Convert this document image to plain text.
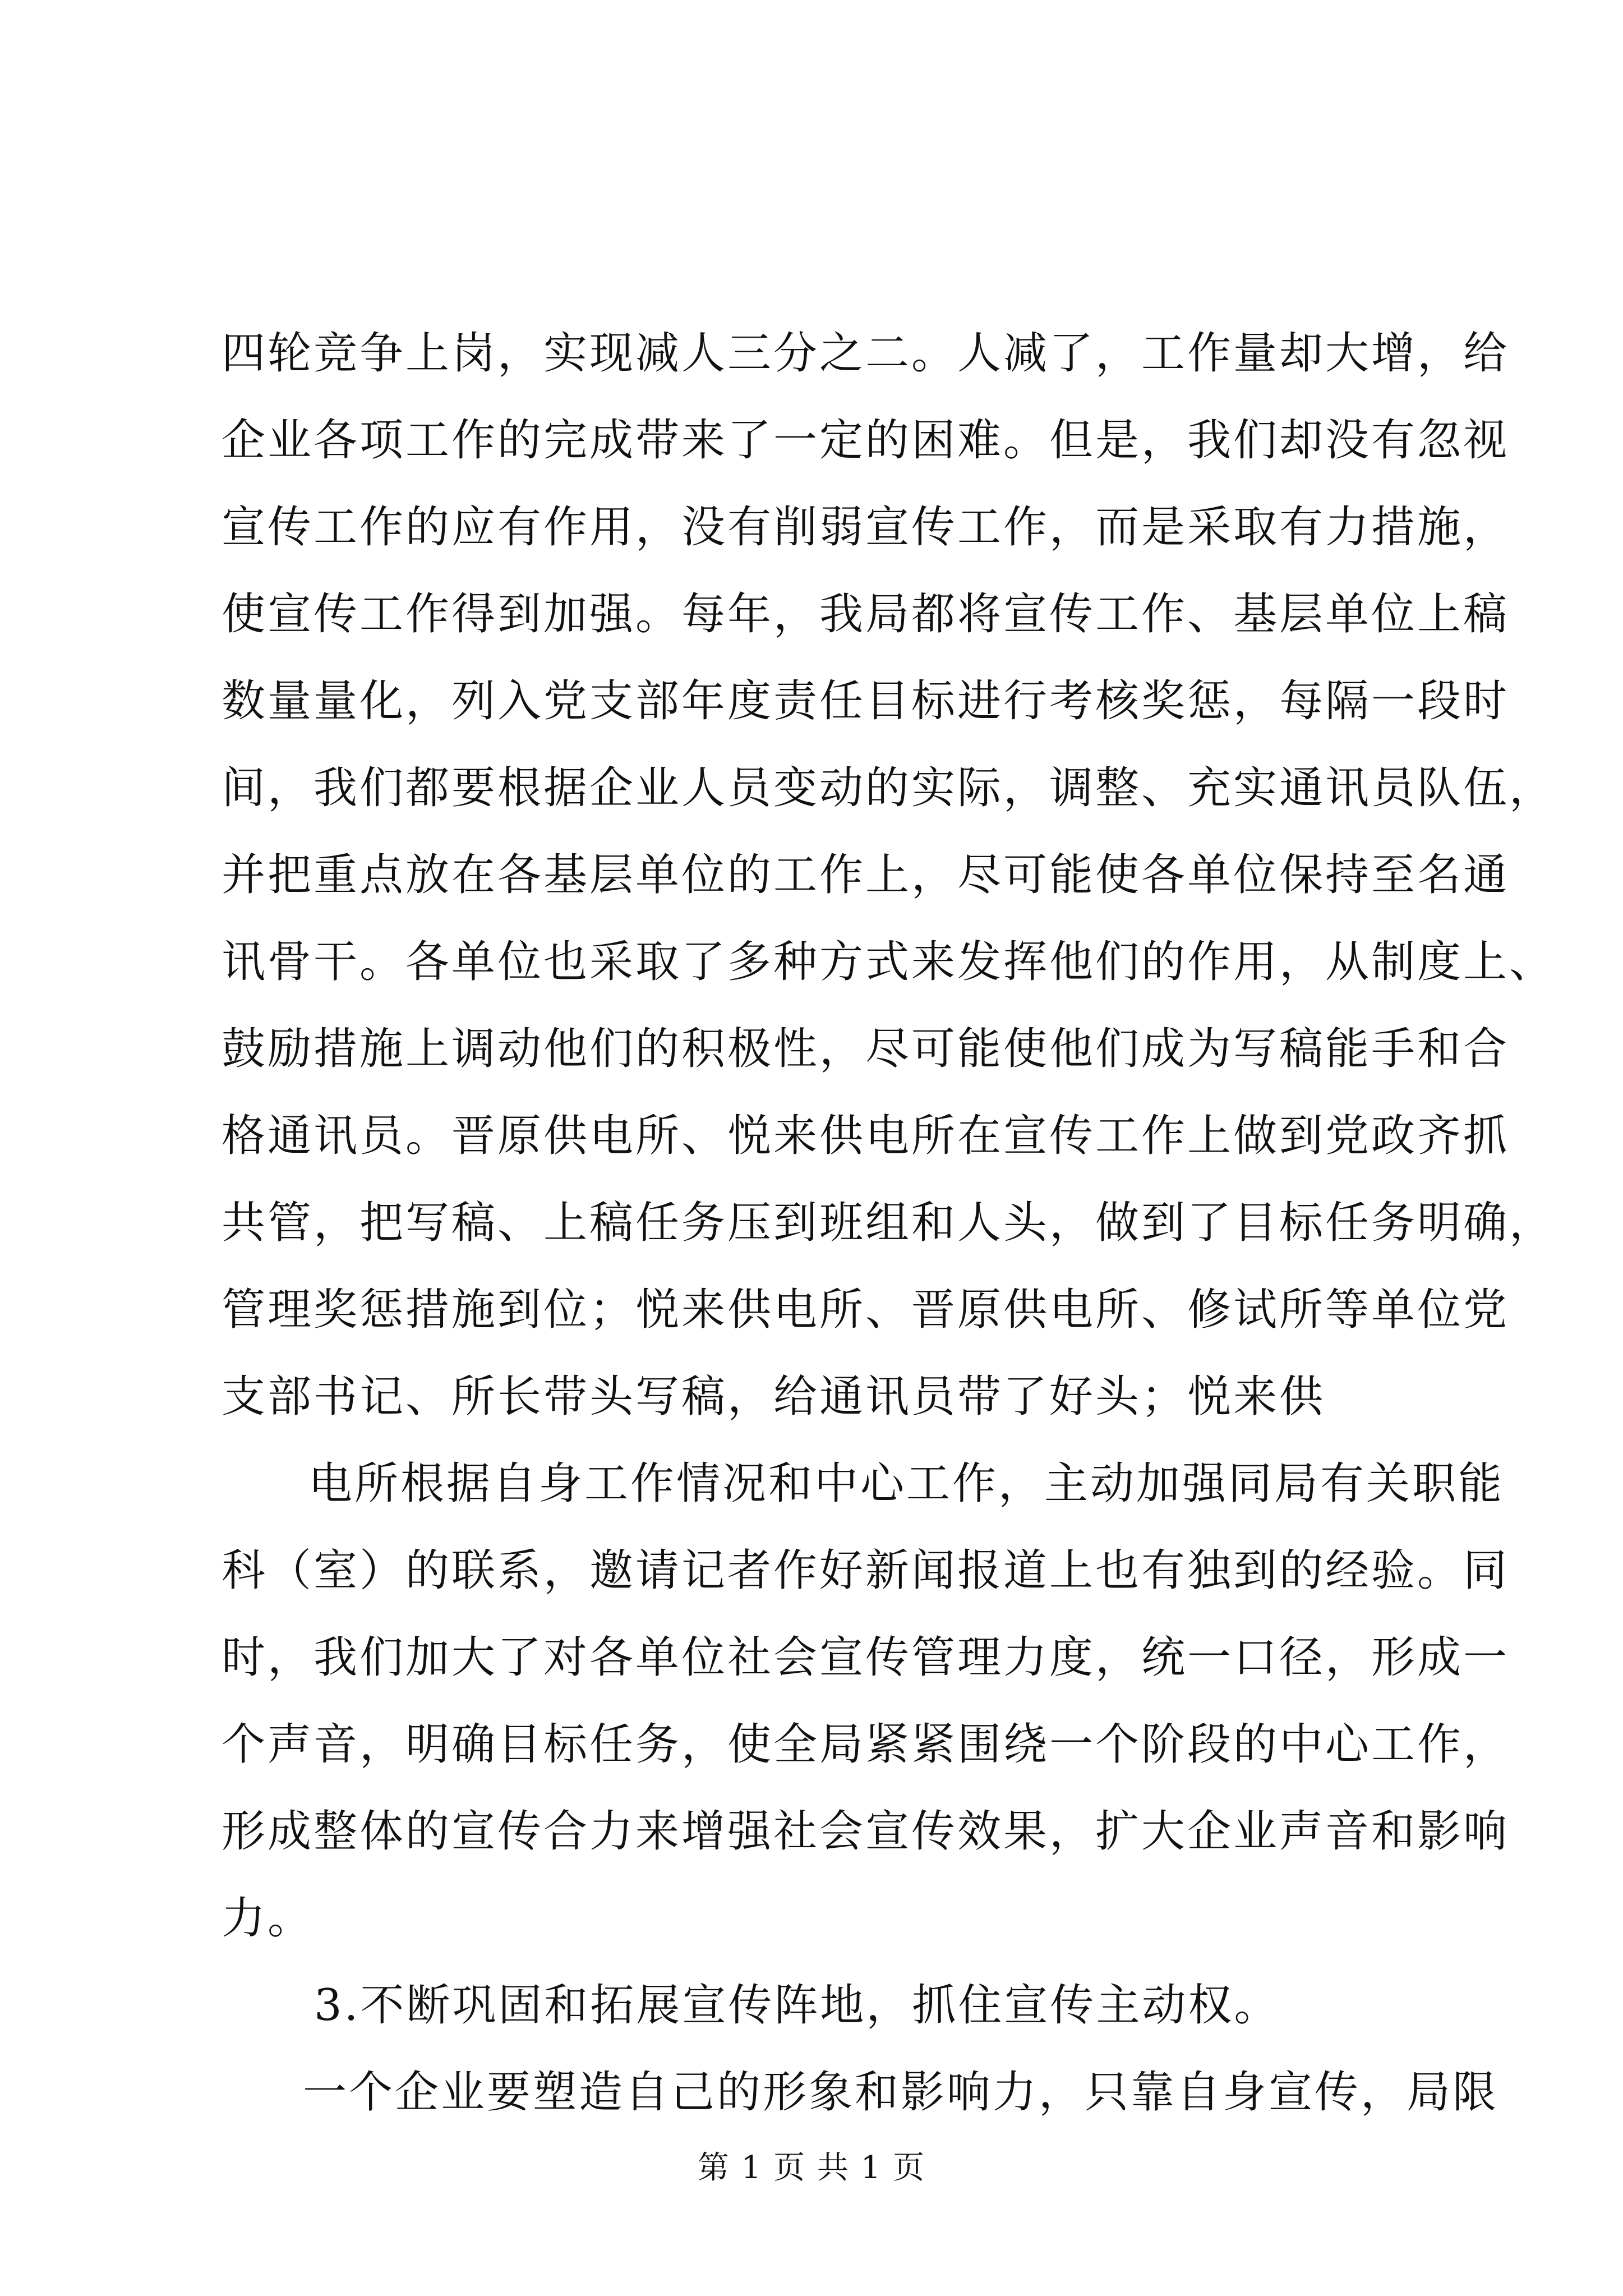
四轮竞争上岗，实现减人三分之二。人减了，工作量却大增，给
企业各项工作的完成带来了一定的困难。但是，我们却没有忽视
宣传工作的应有作用，没有削弱宣传工作，而是采取有力措施，
使宣传工作得到加强。每年，我局都将宣传工作、基层单位上稿
数量量化，列入党支部年度责任目标进行考核奖惩，每隔一段时
间，我们都要根据企业人员变动的实际，调整、充实通讯员队伍，
并把重点放在各基层单位的工作上，尽可能使各单位保持至名通
讯骨干。各单位也采取了多种方式来发挥他们的作用，从制度上、
鼓励措施上调动他们的积极性，尽可能使他们成为写稿能手和合
格通讯员。晋原供电所、悦来供电所在宣传工作上做到党政齐抓
共管，把写稿、上稿任务压到班组和人头，做到了目标任务明确，
管理奖惩措施到位；悦来供电所、晋原供电所、修试所等单位党
支部书记、所长带头写稿，给通讯员带了好头；悦来供
电所根据自身工作情况和中心工作，主动加强同局有关职能
科（室）的联系，邀请记者作好新闻报道上也有独到的经验。同
时，我们加大了对各单位社会宣传管理力度，统一口径，形成一
个声音，明确目标任务，使全局紧紧围绕一个阶段的中心工作，
形成整体的宣传合力来增强社会宣传效果，扩大企业声音和影响
力。
3.不断巩固和拓展宣传阵地，抓住宣传主动权。
一个企业要塑造自己的形象和影响力，只靠自身宣传，局限
第 1 页 共 1 页
